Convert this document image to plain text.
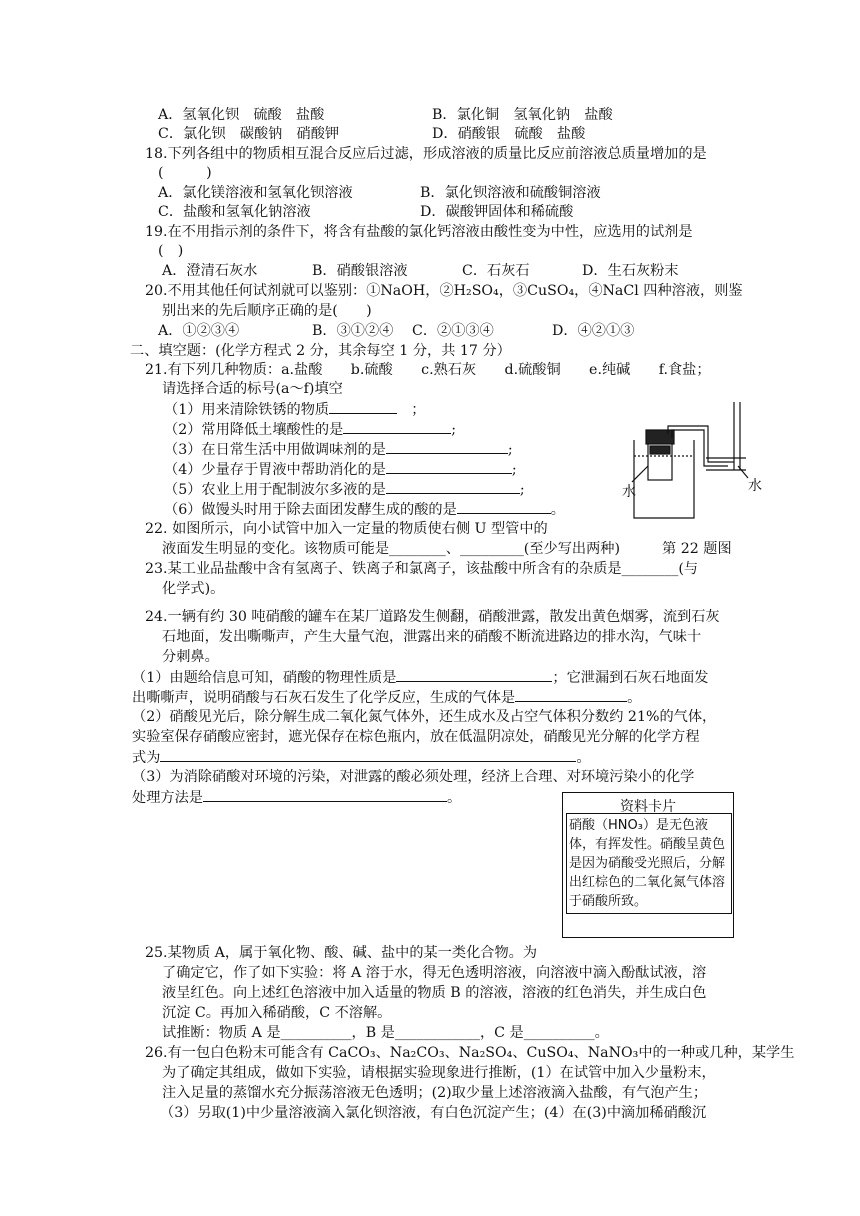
A．氢氧化钡　硫酸　盐酸	B．氯化铜　氢氧化钠　盐酸
C．氯化钡　碳酸钠　硝酸钾	D．硝酸银　硫酸　盐酸
18.下列各组中的物质相互混合反应后过滤，形成溶液的质量比反应前溶液总质量增加的是
(　　　)
A．氯化镁溶液和氢氧化钡溶液	B．氯化钡溶液和硫酸铜溶液
C．盐酸和氢氧化钠溶液	D．碳酸钾固体和稀硫酸
19.在不用指示剂的条件下，将含有盐酸的氯化钙溶液由酸性变为中性，应选用的试剂是
(　)
A．澄清石灰水	B．硝酸银溶液	C．石灰石	D．生石灰粉末
20.不用其他任何试剂就可以鉴别：①NaOH，②H₂SO₄，③CuSO₄，④NaCl 四种溶液，则鉴
别出来的先后顺序正确的是(　　)
A．①②③④	B．③①②④ C．②①③④	D．④②①③
二、填空题：(化学方程式 2 分，其余每空 1 分，共 17 分）
21.有下列几种物质：a.盐酸　　b.硫酸　　c.熟石灰　　d.硫酸铜　　e.纯碱　　f.食盐；
请选择合适的标号(a～f)填空
（1）用来清除铁锈的物质	　；
（2）常用降低土壤酸性的是	;
（3）在日常生活中用做调味剂的是	;
（4）少量存于胃液中帮助消化的是	;
（5）农业上用于配制波尔多液的是	;
（6）做馒头时用于除去面团发酵生成的酸的是	。
水	水
22. 如图所示，向小试管中加入一定量的物质使右侧 U 型管中的
液面发生明显的变化。该物质可能是________、_________(至少写出两种)	第 22 题图
23.某工业品盐酸中含有氢离子、铁离子和氯离子，该盐酸中所含有的杂质是________(与
化学式)。
24.一辆有约 30 吨硝酸的罐车在某厂道路发生侧翻，硝酸泄露，散发出黄色烟雾，流到石灰
石地面，发出嘶嘶声，产生大量气泡，泄露出来的硝酸不断流进路边的排水沟，气味十
分刺鼻。
（1）由题给信息可知，硝酸的物理性质是	；它泄漏到石灰石地面发
出嘶嘶声，说明硝酸与石灰石发生了化学反应，生成的气体是	。
（2）硝酸见光后，除分解生成二氧化氮气体外，还生成水及占空气体积分数约 21%的气体，
实验室保存硝酸应密封，遮光保存在棕色瓶内，放在低温阴凉处，硝酸见光分解的化学方程
式为	。
（3）为消除硝酸对环境的污染，对泄露的酸必须处理，经济上合理、对环境污染小的化学
处理方法是	。
资料卡片
硝酸（HNO₃）是无色液体，有挥发性。硝酸呈黄色是因为硝酸受光照后，分解出红棕色的二氧化氮气体溶于硝酸所致。
25.某物质 A，属于氧化物、酸、碱、盐中的某一类化合物。为
了确定它，作了如下实验：将 A 溶于水，得无色透明溶液，向溶液中滴入酚酞试液，溶
液呈红色。向上述红色溶液中加入适量的物质 B 的溶液，溶液的红色消失，并生成白色
沉淀 C。再加入稀硝酸，C 不溶解。
试推断：物质 A 是__________，B 是____________，C 是__________。
26.有一包白色粉末可能含有 CaCO₃、Na₂CO₃、Na₂SO₄、CuSO₄、NaNO₃中的一种或几种，某学生
为了确定其组成，做如下实验，请根据实验现象进行推断，(1）在试管中加入少量粉末，
注入足量的蒸馏水充分振荡溶液无色透明；(2)取少量上述溶液滴入盐酸，有气泡产生；
（3）另取(1)中少量溶液滴入氯化钡溶液，有白色沉淀产生；(4）在(3)中滴加稀硝酸沉
